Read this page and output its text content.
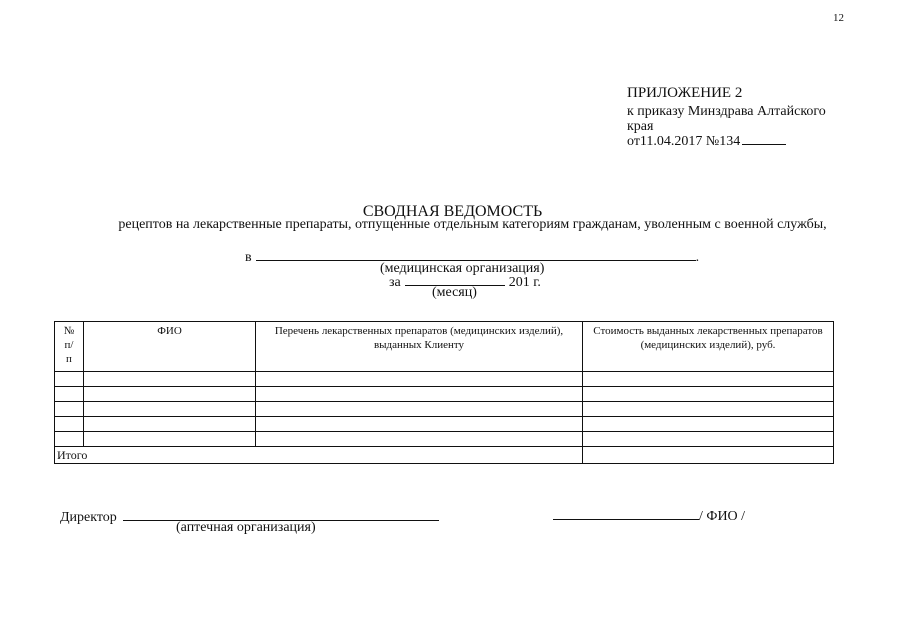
12
ПРИЛОЖЕНИЕ 2
к приказу Минздрава Алтайского
края
от11.04.2017 №134
СВОДНАЯ ВЕДОМОСТЬ
рецептов на лекарственные препараты, отпущенные отдельным категориям гражданам, уволенным с военной службы,
в	.
(медицинская организация)
за	201 г.
(месяц)
№ п/ п	ФИО	Перечень лекарственных препаратов (медицинских изделий), выданных Клиенту	Стоимость выданных лекарственных препаратов (медицинских изделий), руб.

Итого			
Директор
(аптечная организация)
/ ФИО /
